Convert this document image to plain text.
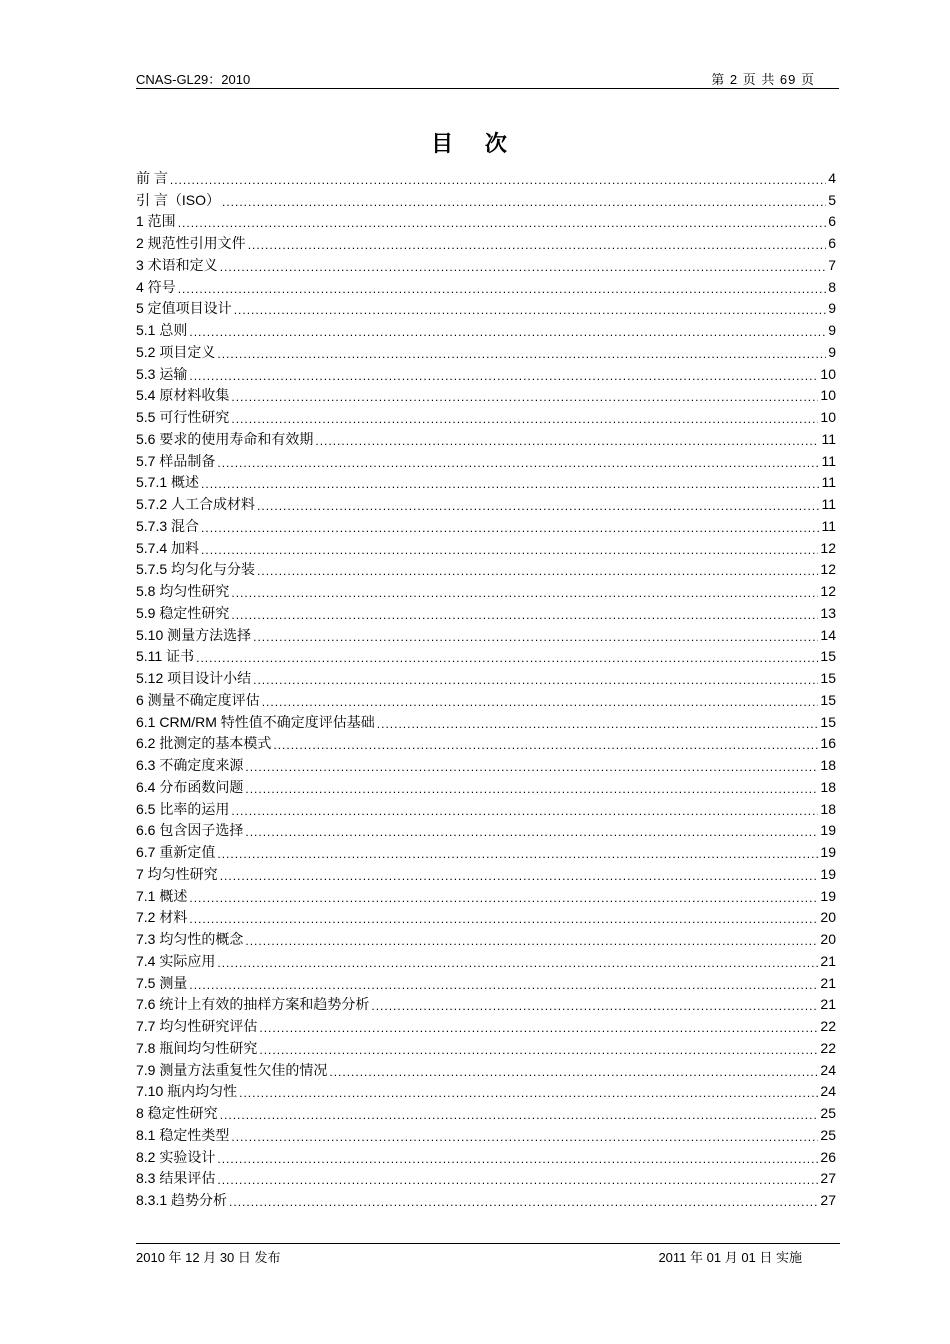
CNAS-GL29：2010	第 2 页 共 69 页
目 次
前 言 .....	4
引 言（ISO） .....	5
1 范围 .....	6
2 规范性引用文件 .....	6
3 术语和定义 .....	7
4 符号 .....	8
5 定值项目设计 .....	9
5.1 总则 .....	9
5.2 项目定义 .....	9
5.3 运输 .....	10
5.4 原材料收集 .....	10
5.5 可行性研究 .....	10
5.6 要求的使用寿命和有效期 .....	11
5.7 样品制备 .....	11
5.7.1 概述 .....	11
5.7.2 人工合成材料 .....	11
5.7.3 混合 .....	11
5.7.4 加料 .....	12
5.7.5 均匀化与分装 .....	12
5.8 均匀性研究 .....	12
5.9 稳定性研究 .....	13
5.10 测量方法选择 .....	14
5.11 证书 .....	15
5.12 项目设计小结 .....	15
6 测量不确定度评估 .....	15
6.1 CRM/RM 特性值不确定度评估基础 .....	15
6.2 批测定的基本模式 .....	16
6.3 不确定度来源 .....	18
6.4 分布函数问题 .....	18
6.5 比率的运用 .....	18
6.6 包含因子选择 .....	19
6.7 重新定值 .....	19
7 均匀性研究 .....	19
7.1 概述 .....	19
7.2 材料 .....	20
7.3 均匀性的概念 .....	20
7.4 实际应用 .....	21
7.5 测量 .....	21
7.6 统计上有效的抽样方案和趋势分析 .....	21
7.7 均匀性研究评估 .....	22
7.8 瓶间均匀性研究 .....	22
7.9 测量方法重复性欠佳的情况 .....	24
7.10 瓶内均匀性 .....	24
8 稳定性研究 .....	25
8.1 稳定性类型 .....	25
8.2 实验设计 .....	26
8.3 结果评估 .....	27
8.3.1 趋势分析 .....	27
2010 年 12 月 30 日 发布	2011 年 01 月 01 日 实施
